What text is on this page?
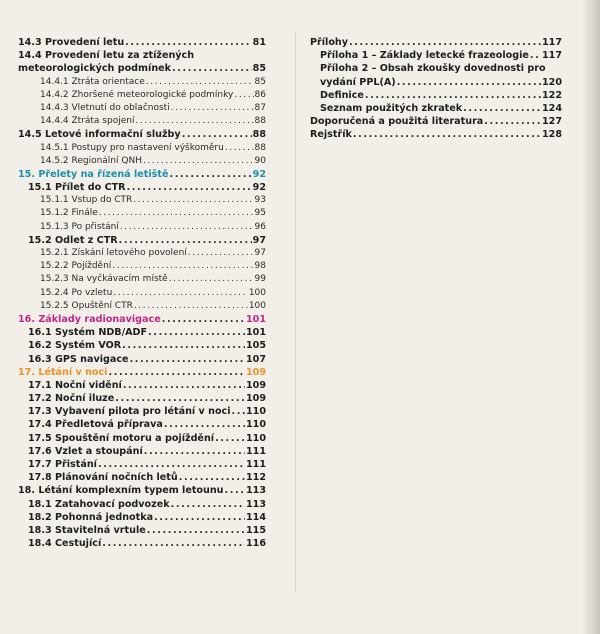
14.3 Provedení letu .....	81
14.4 Provedení letu za ztížených
meteorologických podmínek .....	85
14.4.1 Ztráta orientace .....	85
14.4.2 Zhoršené meteorologické podmínky ..... 86
14.4.3 Vletnutí do oblačnosti .....	87
14.4.4 Ztráta spojení .....	88
14.5 Letové informační služby .....	88
14.5.1 Postupy pro nastavení výškoměru .....	88
14.5.2 Regionální QNH .....	90
15. Přelety na řízená letiště .....	92
15.1 Přílet do CTR .....	92
15.1.1 Vstup do CTR .....	93
15.1.2 Finále .....	95
15.1.3 Po přistání .....	96
15.2 Odlet z CTR .....	97
15.2.1 Získání letového povolení .....	97
15.2.2 Pojíždění .....	98
15.2.3 Na vyčkávacím místě .....	99
15.2.4 Po vzletu .....	100
15.2.5 Opuštění CTR .....	100
16. Základy radionavigace .....	101
16.1 Systém NDB/ADF .....	101
16.2 Systém VOR .....	105
16.3 GPS navigace .....	107
17. Létání v noci .....	109
17.1 Noční vidění .....	109
17.2 Noční iluze .....	109
17.3 Vybavení pilota pro létání v noci ..... 110
17.4 Předletová příprava .....	110
17.5 Spouštění motoru a pojíždění .....	110
17.6 Vzlet a stoupání .....	111
17.7 Přistání .....	111
17.8 Plánování nočních letů .....	112
18. Létání komplexním typem letounu ..... 113
18.1 Zatahovací podvozek .....	113
18.2 Pohonná jednotka .....	114
18.3 Stavitelná vrtule .....	115
18.4 Cestující .....	116
Přílohy .....	117
Příloha 1 – Základy letecké frazeologie ..... 117
Příloha 2 – Obsah zkoušky dovednosti pro
vydání PPL(A) .....	120
Definice .....	122
Seznam použitých zkratek .....	124
Doporučená a použitá literatura .....	127
Rejstřík .....	128
